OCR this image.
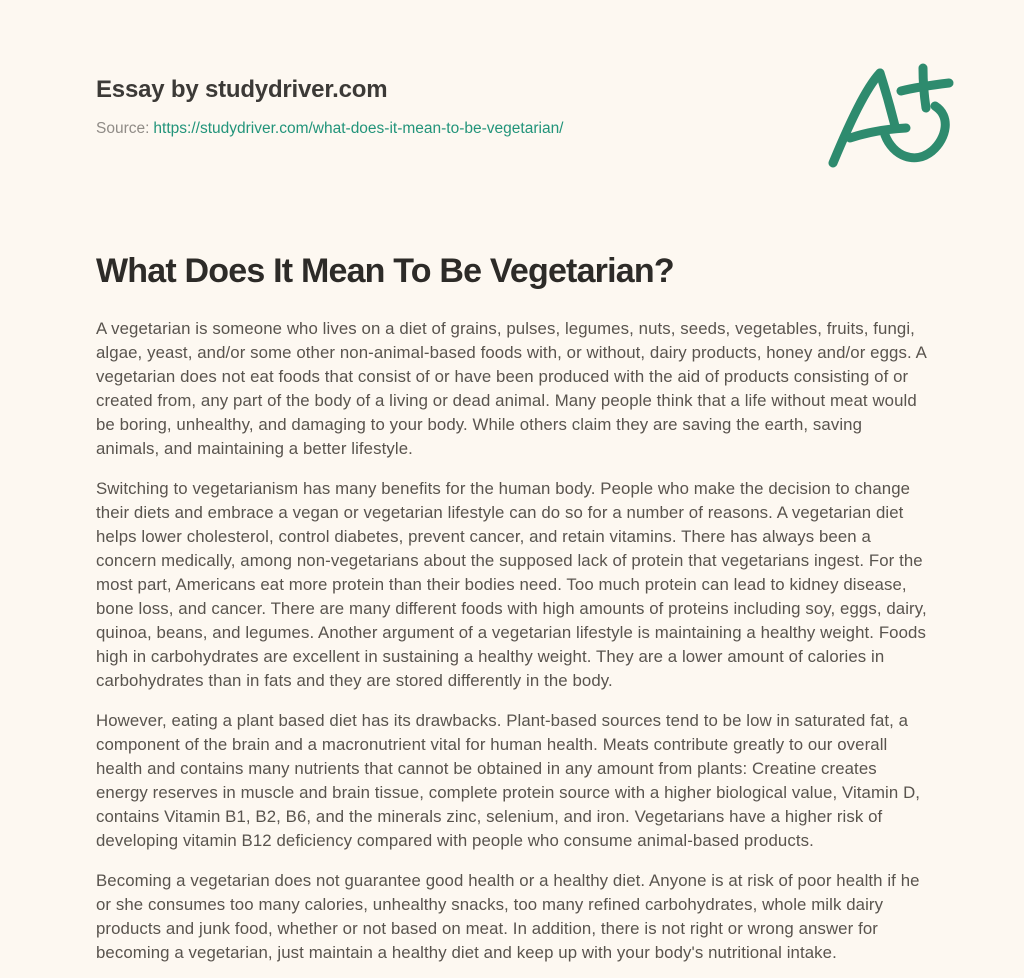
Essay by studydriver.com
Source: https://studydriver.com/what-does-it-mean-to-be-vegetarian/
What Does It Mean To Be Vegetarian?

A vegetarian is someone who lives on a diet of grains, pulses, legumes, nuts, seeds, vegetables, fruits, fungi, algae, yeast, and/or some other non-animal-based foods with, or without, dairy products, honey and/or eggs. A vegetarian does not eat foods that consist of or have been produced with the aid of products consisting of or created from, any part of the body of a living or dead animal. Many people think that a life without meat would be boring, unhealthy, and damaging to your body. While others claim they are saving the earth, saving animals, and maintaining a better lifestyle.

Switching to vegetarianism has many benefits for the human body. People who make the decision to change their diets and embrace a vegan or vegetarian lifestyle can do so for a number of reasons. A vegetarian diet helps lower cholesterol, control diabetes, prevent cancer, and retain vitamins. There has always been a concern medically, among non-vegetarians about the supposed lack of protein that vegetarians ingest. For the most part, Americans eat more protein than their bodies need. Too much protein can lead to kidney disease, bone loss, and cancer. There are many different foods with high amounts of proteins including soy, eggs, dairy, quinoa, beans, and legumes. Another argument of a vegetarian lifestyle is maintaining a healthy weight. Foods high in carbohydrates are excellent in sustaining a healthy weight. They are a lower amount of calories in carbohydrates than in fats and they are stored differently in the body.

However, eating a plant based diet has its drawbacks. Plant-based sources tend to be low in saturated fat, a component of the brain and a macronutrient vital for human health. Meats contribute greatly to our overall health and contains many nutrients that cannot be obtained in any amount from plants: Creatine creates energy reserves in muscle and brain tissue, complete protein source with a higher biological value, Vitamin D, contains Vitamin B1, B2, B6, and the minerals zinc, selenium, and iron. Vegetarians have a higher risk of developing vitamin B12 deficiency compared with people who consume animal-based products.

Becoming a vegetarian does not guarantee good health or a healthy diet. Anyone is at risk of poor health if he or she consumes too many calories, unhealthy snacks, too many refined carbohydrates, whole milk dairy products and junk food, whether or not based on meat. In addition, there is not right or wrong answer for becoming a vegetarian, just maintain a healthy diet and keep up with your body's nutritional intake.
